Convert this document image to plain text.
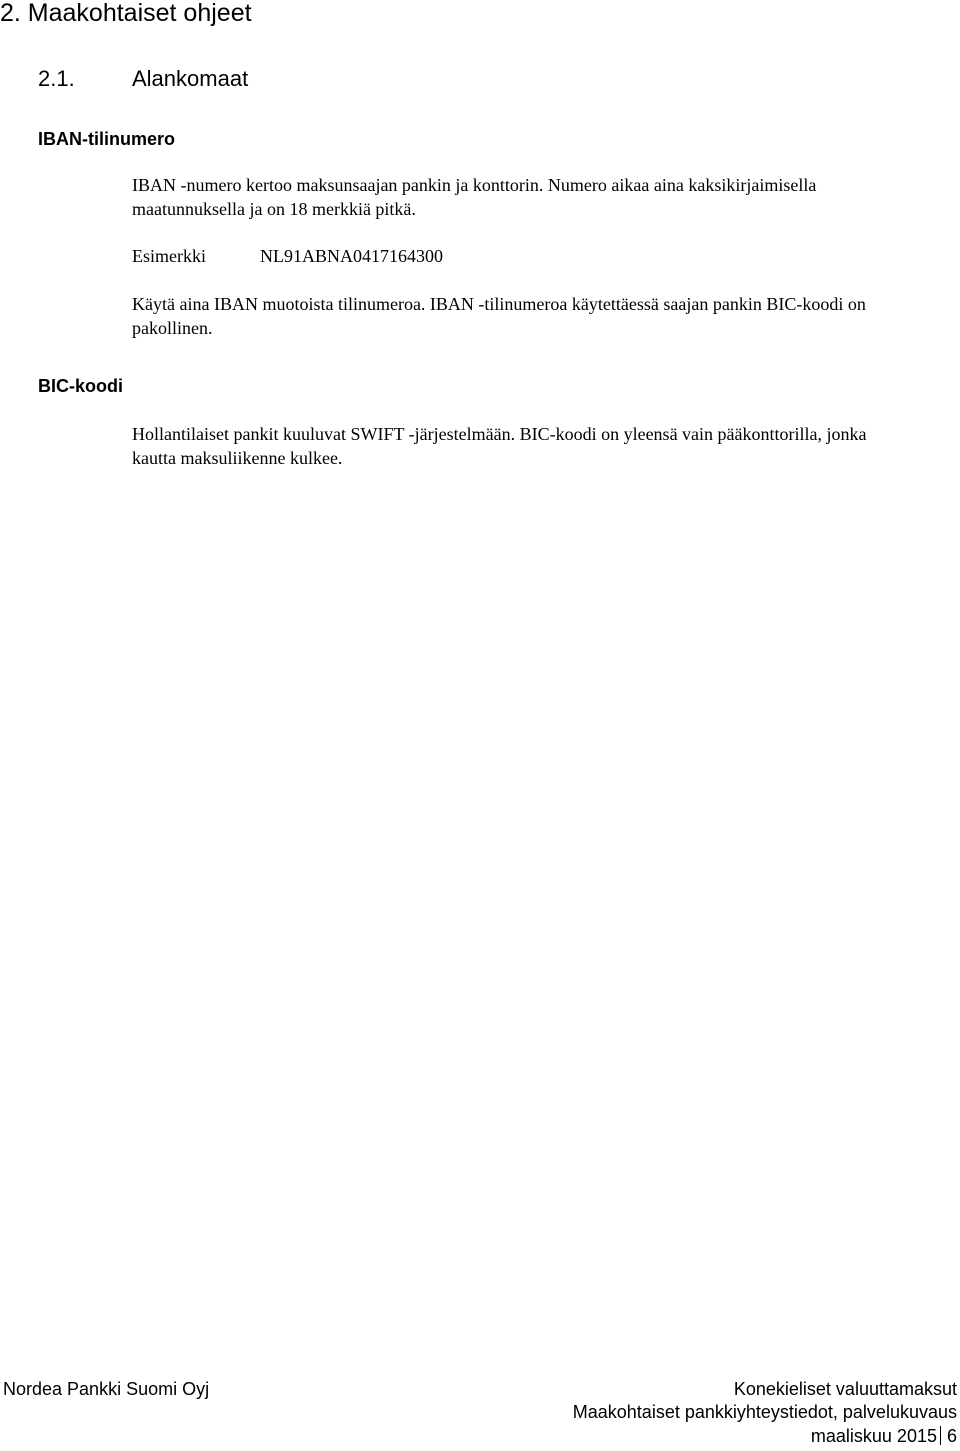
2. Maakohtaiset ohjeet
2.1.	Alankomaat
IBAN-tilinumero
IBAN -numero kertoo maksunsaajan pankin ja konttorin. Numero aikaa aina kaksikirjaimisella
maatunnuksella ja on 18 merkkiä pitkä.
Esimerkki	NL91ABNA0417164300
Käytä aina IBAN muotoista tilinumeroa. IBAN -tilinumeroa käytettäessä saajan pankin BIC-koodi on
pakollinen.
BIC-koodi
Hollantilaiset pankit kuuluvat SWIFT -järjestelmään. BIC-koodi on yleensä vain pääkonttorilla, jonka
kautta maksuliikenne kulkee.
Nordea Pankki Suomi Oyj	Konekieliset valuuttamaksut
Maakohtaiset pankkiyhteystiedot, palvelukuvaus
maaliskuu 2015 6
